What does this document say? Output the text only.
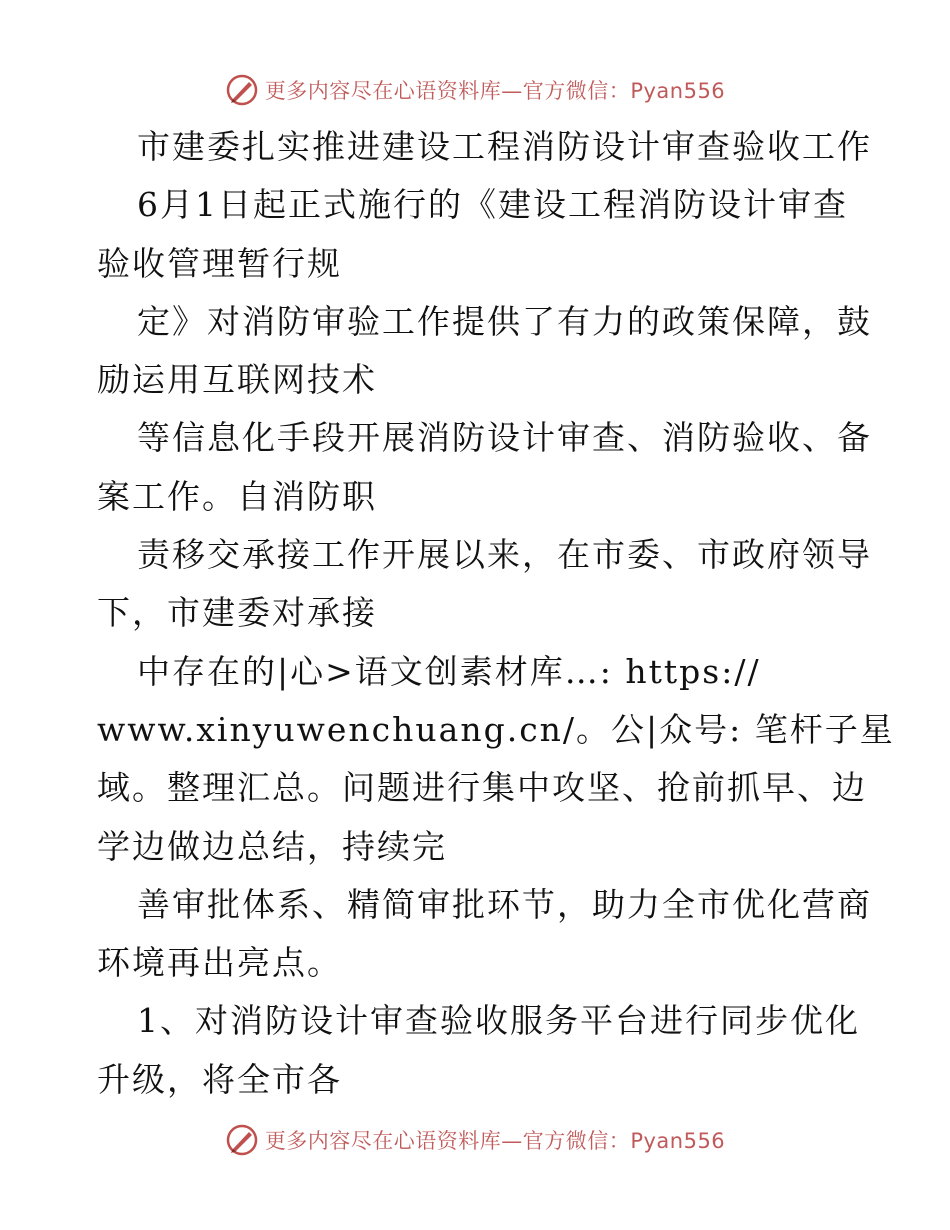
更多内容尽在心语资料库—官方微信：Pyan556
市建委扎实推进建设工程消防设计审查验收工作
6月1日起正式施行的《建设工程消防设计审查
验收管理暂行规
定》对消防审验工作提供了有力的政策保障，鼓
励运用互联网技术
等信息化手段开展消防设计审查、消防验收、备
案工作。自消防职
责移交承接工作开展以来，在市委、市政府领导
下，市建委对承接
中存在的|心>语文创素材库…: https://
www.xinyuwenchuang.cn/。公|众号: 笔杆子星
域。整理汇总。问题进行集中攻坚、抢前抓早、边
学边做边总结，持续完
善审批体系、精简审批环节，助力全市优化营商
环境再出亮点。
1、对消防设计审查验收服务平台进行同步优化
升级，将全市各
更多内容尽在心语资料库—官方微信：Pyan556
